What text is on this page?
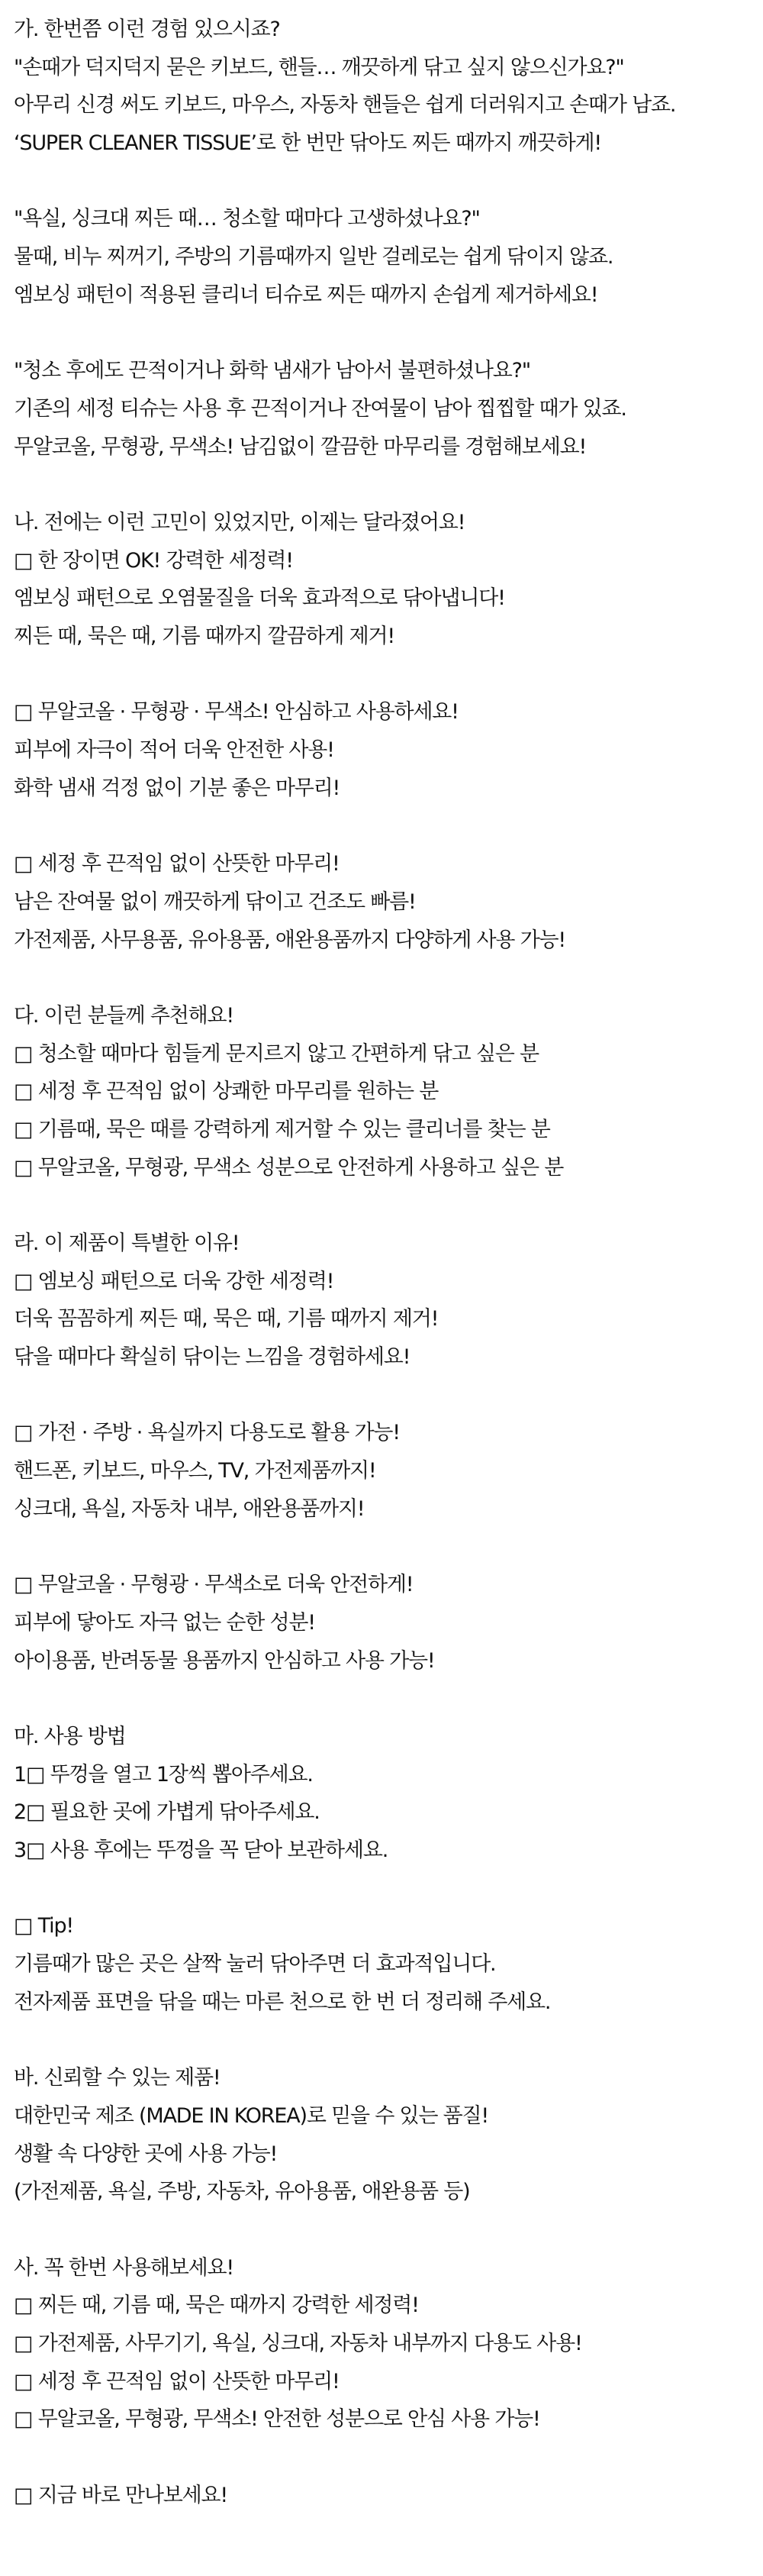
가. 한번쯤 이런 경험 있으시죠?
"손때가 덕지덕지 묻은 키보드, 핸들… 깨끗하게 닦고 싶지 않으신가요?"
아무리 신경 써도 키보드, 마우스, 자동차 핸들은 쉽게 더러워지고 손때가 남죠.
‘SUPER CLEANER TISSUE’로 한 번만 닦아도 찌든 때까지 깨끗하게!
"욕실, 싱크대 찌든 때… 청소할 때마다 고생하셨나요?"
물때, 비누 찌꺼기, 주방의 기름때까지 일반 걸레로는 쉽게 닦이지 않죠.
엠보싱 패턴이 적용된 클리너 티슈로 찌든 때까지 손쉽게 제거하세요!
"청소 후에도 끈적이거나 화학 냄새가 남아서 불편하셨나요?"
기존의 세정 티슈는 사용 후 끈적이거나 잔여물이 남아 찝찝할 때가 있죠.
무알코올, 무형광, 무색소! 남김없이 깔끔한 마무리를 경험해보세요!
나. 전에는 이런 고민이 있었지만, 이제는 달라졌어요!
□ 한 장이면 OK! 강력한 세정력!
엠보싱 패턴으로 오염물질을 더욱 효과적으로 닦아냅니다!
찌든 때, 묵은 때, 기름 때까지 깔끔하게 제거!
□ 무알코올 · 무형광 · 무색소! 안심하고 사용하세요!
피부에 자극이 적어 더욱 안전한 사용!
화학 냄새 걱정 없이 기분 좋은 마무리!
□ 세정 후 끈적임 없이 산뜻한 마무리!
남은 잔여물 없이 깨끗하게 닦이고 건조도 빠름!
가전제품, 사무용품, 유아용품, 애완용품까지 다양하게 사용 가능!
다. 이런 분들께 추천해요!
□ 청소할 때마다 힘들게 문지르지 않고 간편하게 닦고 싶은 분
□ 세정 후 끈적임 없이 상쾌한 마무리를 원하는 분
□ 기름때, 묵은 때를 강력하게 제거할 수 있는 클리너를 찾는 분
□ 무알코올, 무형광, 무색소 성분으로 안전하게 사용하고 싶은 분
라. 이 제품이 특별한 이유!
□ 엠보싱 패턴으로 더욱 강한 세정력!
더욱 꼼꼼하게 찌든 때, 묵은 때, 기름 때까지 제거!
닦을 때마다 확실히 닦이는 느낌을 경험하세요!
□ 가전 · 주방 · 욕실까지 다용도로 활용 가능!
핸드폰, 키보드, 마우스, TV, 가전제품까지!
싱크대, 욕실, 자동차 내부, 애완용품까지!
□ 무알코올 · 무형광 · 무색소로 더욱 안전하게!
피부에 닿아도 자극 없는 순한 성분!
아이용품, 반려동물 용품까지 안심하고 사용 가능!
마. 사용 방법
1□ 뚜껑을 열고 1장씩 뽑아주세요.
2□ 필요한 곳에 가볍게 닦아주세요.
3□ 사용 후에는 뚜껑을 꼭 닫아 보관하세요.
□ Tip!
기름때가 많은 곳은 살짝 눌러 닦아주면 더 효과적입니다.
전자제품 표면을 닦을 때는 마른 천으로 한 번 더 정리해 주세요.
바. 신뢰할 수 있는 제품!
대한민국 제조 (MADE IN KOREA)로 믿을 수 있는 품질!
생활 속 다양한 곳에 사용 가능!
(가전제품, 욕실, 주방, 자동차, 유아용품, 애완용품 등)
사. 꼭 한번 사용해보세요!
□ 찌든 때, 기름 때, 묵은 때까지 강력한 세정력!
□ 가전제품, 사무기기, 욕실, 싱크대, 자동차 내부까지 다용도 사용!
□ 세정 후 끈적임 없이 산뜻한 마무리!
□ 무알코올, 무형광, 무색소! 안전한 성분으로 안심 사용 가능!
□ 지금 바로 만나보세요!
